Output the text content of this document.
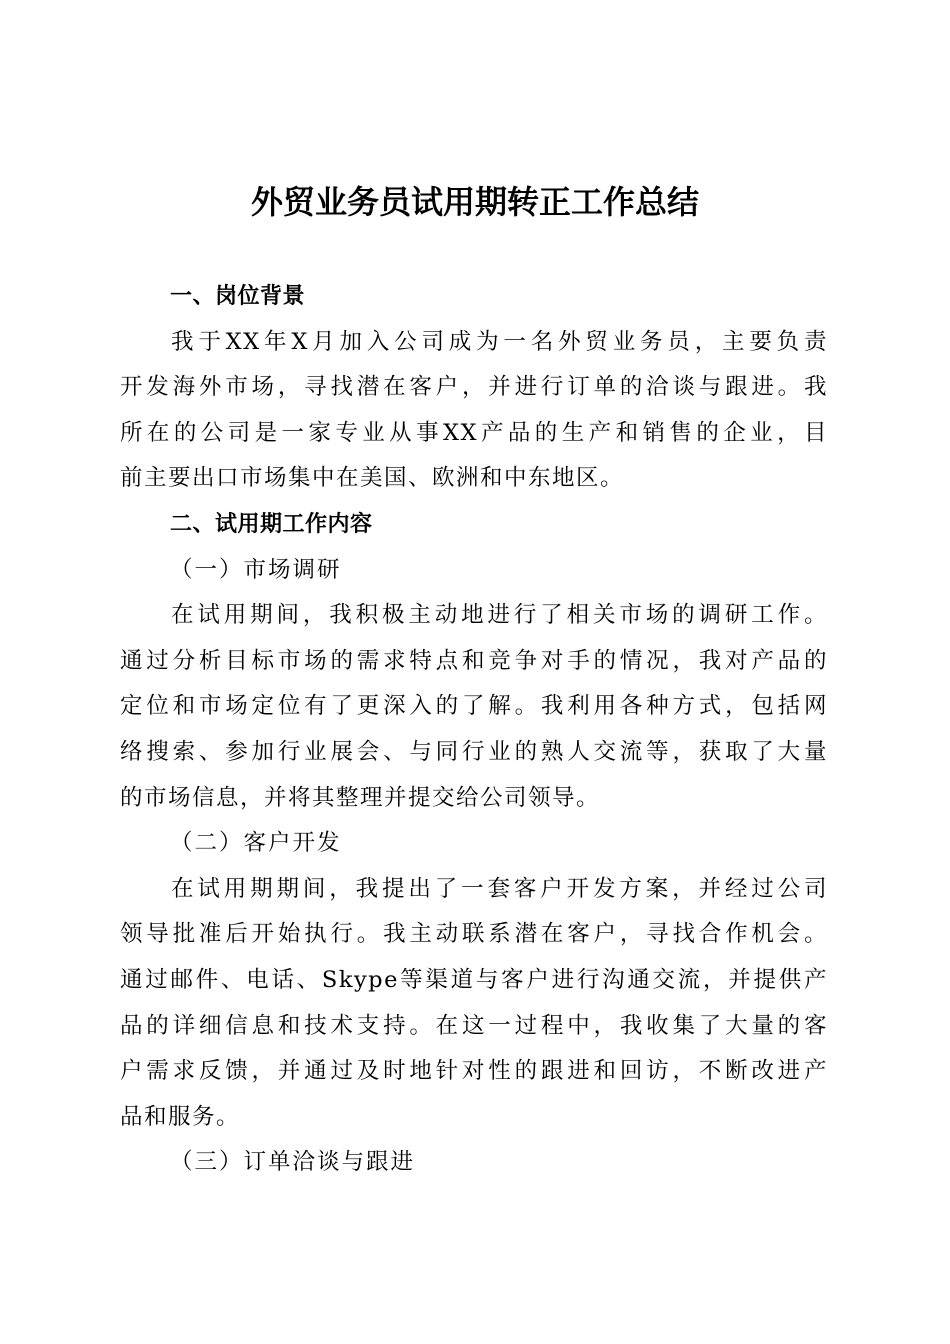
外贸业务员试用期转正工作总结
一、岗位背景
我于XX年X月加入公司成为一名外贸业务员，主要负责
开发海外市场，寻找潜在客户，并进行订单的洽谈与跟进。我
所在的公司是一家专业从事XX产品的生产和销售的企业，目
前主要出口市场集中在美国、欧洲和中东地区。
二、试用期工作内容
（一）市场调研
在试用期间，我积极主动地进行了相关市场的调研工作。
通过分析目标市场的需求特点和竞争对手的情况，我对产品的
定位和市场定位有了更深入的了解。我利用各种方式，包括网
络搜索、参加行业展会、与同行业的熟人交流等，获取了大量
的市场信息，并将其整理并提交给公司领导。
（二）客户开发
在试用期期间，我提出了一套客户开发方案，并经过公司
领导批准后开始执行。我主动联系潜在客户，寻找合作机会。
通过邮件、电话、Skype等渠道与客户进行沟通交流，并提供产
品的详细信息和技术支持。在这一过程中，我收集了大量的客
户需求反馈，并通过及时地针对性的跟进和回访，不断改进产
品和服务。
（三）订单洽谈与跟进
